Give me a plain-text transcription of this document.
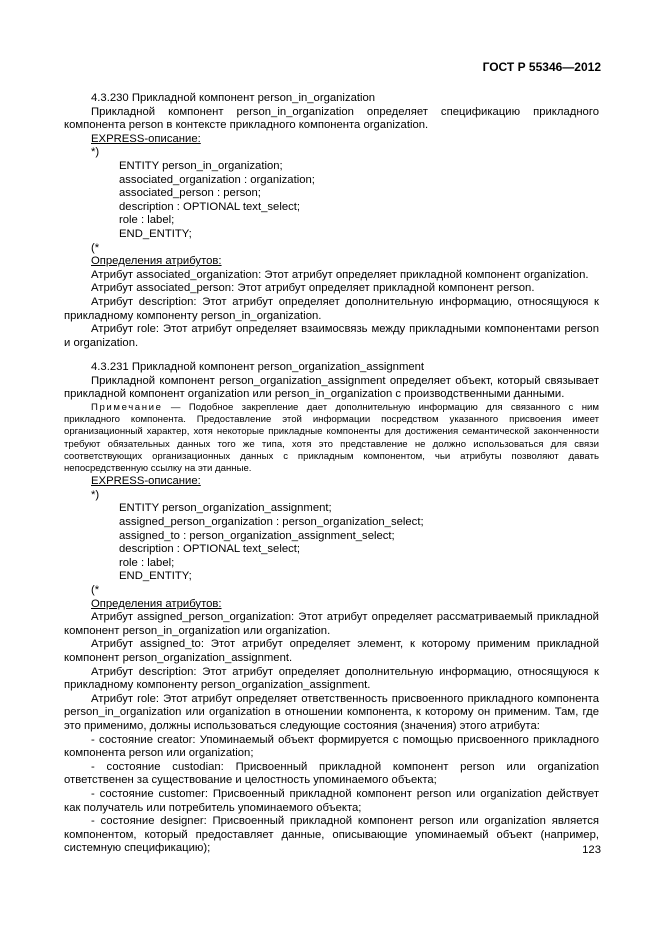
ГОСТ Р 55346—2012

4.3.230 Прикладной компонент person_in_organization

Прикладной компонент person_in_organization определяет спецификацию прикладного компонента person в контексте прикладного компонента organization.

EXPRESS-описание:

*)

ENTITY person_in_organization;

associated_organization : organization;

associated_person : person;

description : OPTIONAL text_select;

role : label;

END_ENTITY;

(*

Определения атрибутов:

Атрибут associated_organization: Этот атрибут определяет прикладной компонент organization.

Атрибут associated_person: Этот атрибут определяет прикладной компонент person.

Атрибут description: Этот атрибут определяет дополнительную информацию, относящуюся к прикладному компоненту person_in_organization.

Атрибут role: Этот атрибут определяет взаимосвязь между прикладными компонентами person и organization.

4.3.231 Прикладной компонент person_organization_assignment

Прикладной компонент person_organization_assignment определяет объект, который связывает прикладной компонент organization или person_in_organization с производственными данными.

Примечание — Подобное закрепление дает дополнительную информацию для связанного с ним прикладного компонента. Предоставление этой информации посредством указанного присвоения имеет организационный характер, хотя некоторые прикладные компоненты для достижения семантической законченности требуют обязательных данных того же типа, хотя это представление не должно использоваться для связи соответствующих организационных данных с прикладным компонентом, чьи атрибуты позволяют давать непосредственную ссылку на эти данные.

EXPRESS-описание:

*)

ENTITY person_organization_assignment;

assigned_person_organization : person_organization_select;

assigned_to : person_organization_assignment_select;

description : OPTIONAL text_select;

role : label;

END_ENTITY;

(*

Определения атрибутов:

Атрибут assigned_person_organization: Этот атрибут определяет рассматриваемый прикладной компонент person_in_organization или organization.

Атрибут assigned_to: Этот атрибут определяет элемент, к которому применим прикладной компонент person_organization_assignment.

Атрибут description: Этот атрибут определяет дополнительную информацию, относящуюся к прикладному компоненту person_organization_assignment.

Атрибут role: Этот атрибут определяет ответственность присвоенного прикладного компонента person_in_organization или organization в отношении компонента, к которому он применим. Там, где это применимо, должны использоваться следующие состояния (значения) этого атрибута:

- состояние creator: Упоминаемый объект формируется с помощью присвоенного прикладного компонента person или organization;

- состояние custodian: Присвоенный прикладной компонент person или organization ответственен за существование и целостность упоминаемого объекта;

- состояние customer: Присвоенный прикладной компонент person или organization действует как получатель или потребитель упоминаемого объекта;

- состояние designer: Присвоенный прикладной компонент person или organization является компонентом, который предоставляет данные, описывающие упоминаемый объект (например, системную спецификацию);	123
